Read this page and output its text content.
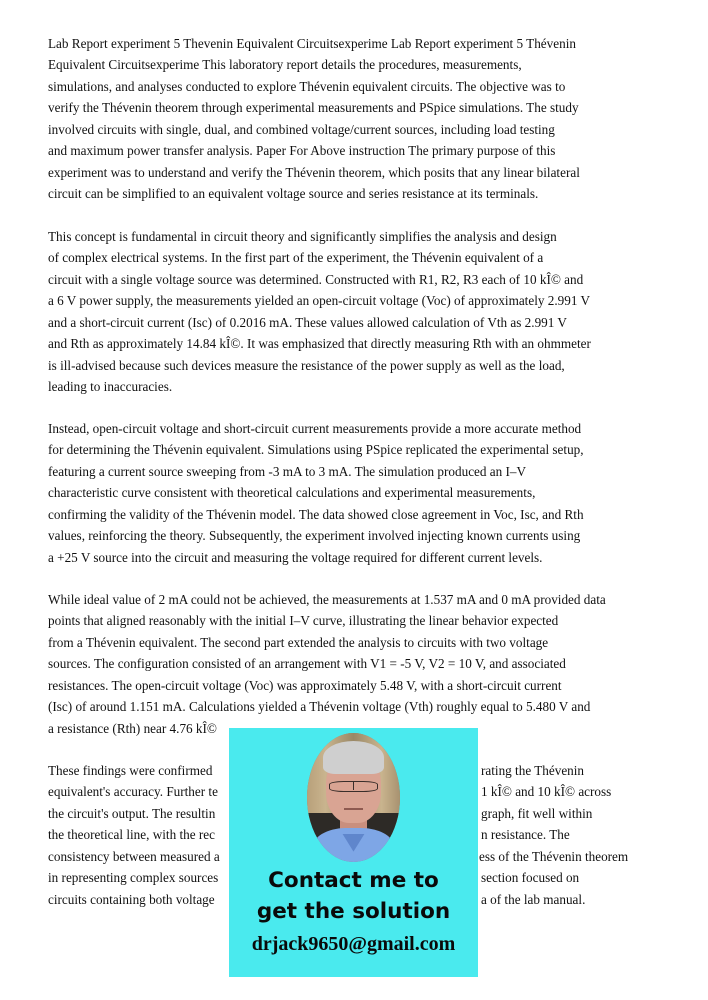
Lab Report experiment 5 Thevenin Equivalent Circuitsexperime Lab Report experiment 5 Thévenin
Equivalent Circuitsexperime This laboratory report details the procedures, measurements,
simulations, and analyses conducted to explore Thévenin equivalent circuits. The objective was to
verify the Thévenin theorem through experimental measurements and PSpice simulations. The study
involved circuits with single, dual, and combined voltage/current sources, including load testing
and maximum power transfer analysis. Paper For Above instruction The primary purpose of this
experiment was to understand and verify the Thévenin theorem, which posits that any linear bilateral
circuit can be simplified to an equivalent voltage source and series resistance at its terminals.
This concept is fundamental in circuit theory and significantly simplifies the analysis and design
of complex electrical systems. In the first part of the experiment, the Thévenin equivalent of a
circuit with a single voltage source was determined. Constructed with R1, R2, R3 each of 10 kÎ© and
a 6 V power supply, the measurements yielded an open-circuit voltage (Voc) of approximately 2.991 V
and a short-circuit current (Isc) of 0.2016 mA. These values allowed calculation of Vth as 2.991 V
and Rth as approximately 14.84 kÎ©. It was emphasized that directly measuring Rth with an ohmmeter
is ill-advised because such devices measure the resistance of the power supply as well as the load,
leading to inaccuracies.
Instead, open-circuit voltage and short-circuit current measurements provide a more accurate method
for determining the Thévenin equivalent. Simulations using PSpice replicated the experimental setup,
featuring a current source sweeping from -3 mA to 3 mA. The simulation produced an I–V
characteristic curve consistent with theoretical calculations and experimental measurements,
confirming the validity of the Thévenin model. The data showed close agreement in Voc, Isc, and Rth
values, reinforcing the theory. Subsequently, the experiment involved injecting known currents using
a +25 V source into the circuit and measuring the voltage required for different current levels.
While ideal value of 2 mA could not be achieved, the measurements at 1.537 mA and 0 mA provided data
points that aligned reasonably with the initial I–V curve, illustrating the linear behavior expected
from a Thévenin equivalent. The second part extended the analysis to circuits with two voltage
sources. The configuration consisted of an arrangement with V1 = -5 V, V2 = 10 V, and associated
resistances. The open-circuit voltage (Voc) was approximately 5.48 V, with a short-circuit current
(Isc) of around 1.151 mA. Calculations yielded a Thévenin voltage (Vth) roughly equal to 5.480 V and
a resistance (Rth) near 4.76 kÎ©
These findings were confirmed	rating the Thévenin
equivalent's accuracy. Further te	1 kÎ© and 10 kÎ© across
the circuit's output. The resultin	graph, fit well within
the theoretical line, with the rec	n resistance. The
consistency between measured a	ess of the Thévenin theorem
in representing complex sources	section focused on
circuits containing both voltage	a of the lab manual.
Contact me to
get the solution
drjack9650@gmail.com
